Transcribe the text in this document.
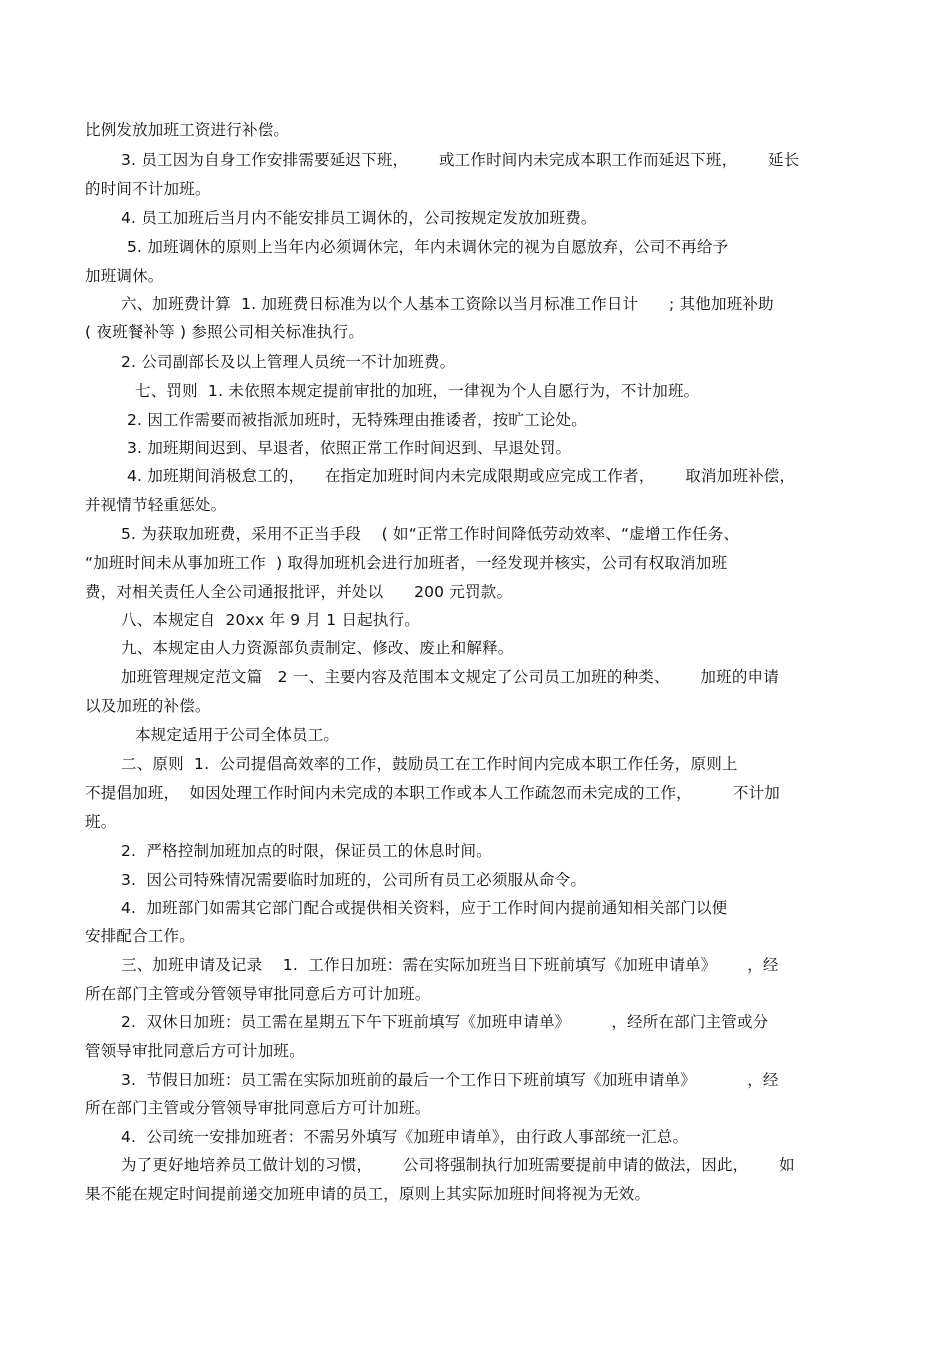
比例发放加班工资进行补偿。
3. 员工因为自身工作安排需要延迟下班，      或工作时间内未完成本职工作而延迟下班，      延长
的时间不计加班。
4. 员工加班后当月内不能安排员工调休的，公司按规定发放加班费。
5. 加班调休的原则上当年内必须调休完，年内未调休完的视为自愿放弃，公司不再给予
加班调休。
六、加班费计算  1. 加班费日标准为以个人基本工资除以当月标准工作日计      ; 其他加班补助
( 夜班餐补等 ) 参照公司相关标准执行。
2. 公司副部长及以上管理人员统一不计加班费。
七、罚则  1. 未依照本规定提前审批的加班，一律视为个人自愿行为，不计加班。
2. 因工作需要而被指派加班时，无特殊理由推诿者，按旷工论处。
3. 加班期间迟到、早退者，依照正常工作时间迟到、早退处罚。
4. 加班期间消极怠工的，    在指定加班时间内未完成限期或应完成工作者，      取消加班补偿，
并视情节轻重惩处。
5. 为获取加班费，采用不正当手段    ( 如“正常工作时间降低劳动效率、“虚增工作任务、
“加班时间未从事加班工作  ) 取得加班机会进行加班者，一经发现并核实，公司有权取消加班
费，对相关责任人全公司通报批评，并处以      200 元罚款。
八、本规定自  20xx 年 9 月 1 日起执行。
九、本规定由人力资源部负责制定、修改、废止和解释。
加班管理规定范文篇   2 一、主要内容及范围本文规定了公司员工加班的种类、      加班的申请
以及加班的补偿。
本规定适用于公司全体员工。
二、原则  1.  公司提倡高效率的工作，鼓励员工在工作时间内完成本职工作任务，原则上
不提倡加班，  如因处理工作时间内未完成的本职工作或本人工作疏忽而未完成的工作，        不计加
班。
2.  严格控制加班加点的时限，保证员工的休息时间。
3.  因公司特殊情况需要临时加班的，公司所有员工必须服从命令。
4.  加班部门如需其它部门配合或提供相关资料，应于工作时间内提前通知相关部门以便
安排配合工作。
三、加班申请及记录    1.  工作日加班：需在实际加班当日下班前填写《加班申请单》      ，经
所在部门主管或分管领导审批同意后方可计加班。
2.  双休日加班：员工需在星期五下午下班前填写《加班申请单》        ，经所在部门主管或分
管领导审批同意后方可计加班。
3.  节假日加班：员工需在实际加班前的最后一个工作日下班前填写《加班申请单》          ，经
所在部门主管或分管领导审批同意后方可计加班。
4.  公司统一安排加班者：不需另外填写《加班申请单》，由行政人事部统一汇总。
为了更好地培养员工做计划的习惯，      公司将强制执行加班需要提前申请的做法，因此，      如
果不能在规定时间提前递交加班申请的员工，原则上其实际加班时间将视为无效。
